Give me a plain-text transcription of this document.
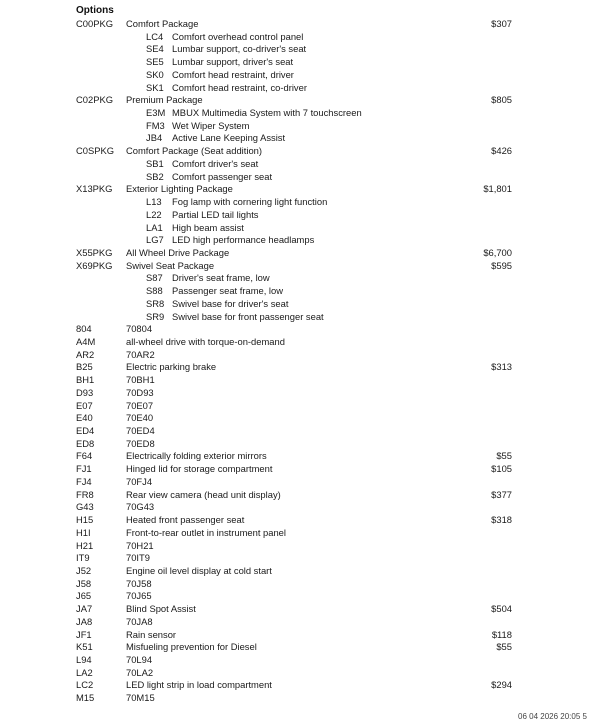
Options
C00PKG Comfort Package	$307
LC4 Comfort overhead control panel
SE4 Lumbar support, co-driver's seat
SE5 Lumbar support, driver's seat
SK0 Comfort head restraint, driver
SK1 Comfort head restraint, co-driver
C02PKG Premium Package	$805
E3M MBUX Multimedia System with 7 touchscreen
FM3 Wet Wiper System
JB4 Active Lane Keeping Assist
C0SPKG Comfort Package (Seat addition)	$426
SB1 Comfort driver's seat
SB2 Comfort passenger seat
X13PKG Exterior Lighting Package	$1,801
L13 Fog lamp with cornering light function
L22 Partial LED tail lights
LA1 High beam assist
LG7 LED high performance headlamps
X55PKG All Wheel Drive Package	$6,700
X69PKG Swivel Seat Package	$595
S87 Driver's seat frame, low
S88 Passenger seat frame, low
SR8 Swivel base for driver's seat
SR9 Swivel base for front passenger seat
804	70804
A4M	all-wheel drive with torque-on-demand
AR2	70AR2
B25	Electric parking brake	$313
BH1	70BH1
D93	70D93
E07	70E07
E40	70E40
ED4	70ED4
ED8	70ED8
F64	Electrically folding exterior mirrors	$55
FJ1	Hinged lid for storage compartment	$105
FJ4	70FJ4
FR8	Rear view camera (head unit display)	$377
G43	70G43
H15	Heated front passenger seat	$318
H1I	Front-to-rear outlet in instrument panel
H21	70H21
IT9	70IT9
J52	Engine oil level display at cold start
J58	70J58
J65	70J65
JA7	Blind Spot Assist	$504
JA8	70JA8
JF1	Rain sensor	$118
K51	Misfueling prevention for Diesel	$55
L94	70L94
LA2	70LA2
LC2	LED light strip in load compartment	$294
M15	70M15
06 04 2026 20:05 5
